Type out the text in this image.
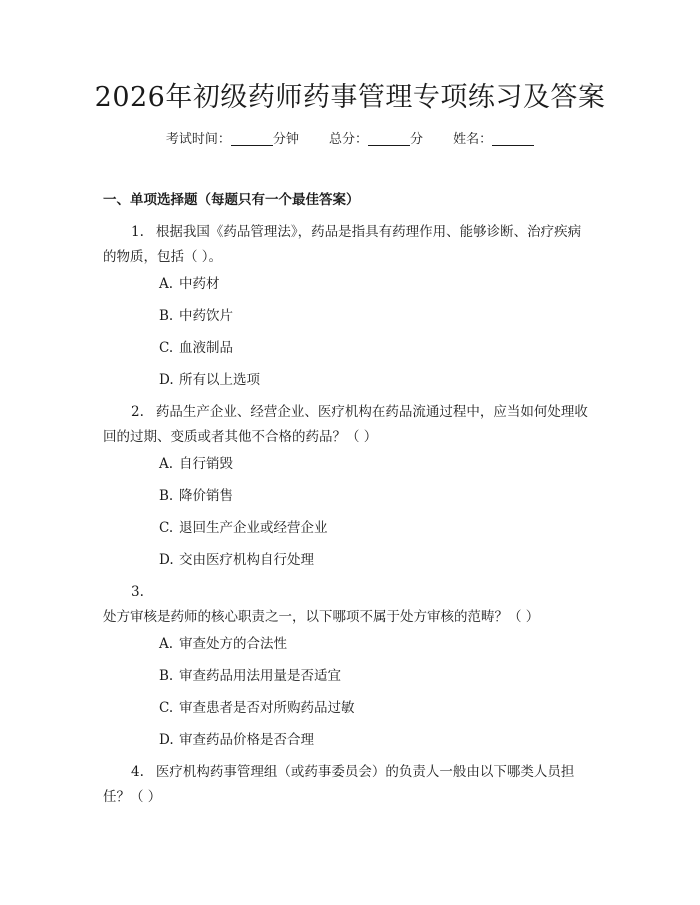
2026年初级药师药事管理专项练习及答案
考试时间：	分钟 总分：	分 姓名：
一、单项选择题（每题只有一个最佳答案）
1. 根据我国《药品管理法》，药品是指具有药理作用、能够诊断、治疗疾病的物质，包括（ ）。
A. 中药材
B. 中药饮片
C. 血液制品
D. 所有以上选项
2. 药品生产企业、经营企业、医疗机构在药品流通过程中，应当如何处理收回的过期、变质或者其他不合格的药品？（ ）
A. 自行销毁
B. 降价销售
C. 退回生产企业或经营企业
D. 交由医疗机构自行处理
3.处方审核是药师的核心职责之一，以下哪项不属于处方审核的范畴？（ ）
A. 审查处方的合法性
B. 审查药品用法用量是否适宜
C. 审查患者是否对所购药品过敏
D. 审查药品价格是否合理
4. 医疗机构药事管理组（或药事委员会）的负责人一般由以下哪类人员担任？（ ）
